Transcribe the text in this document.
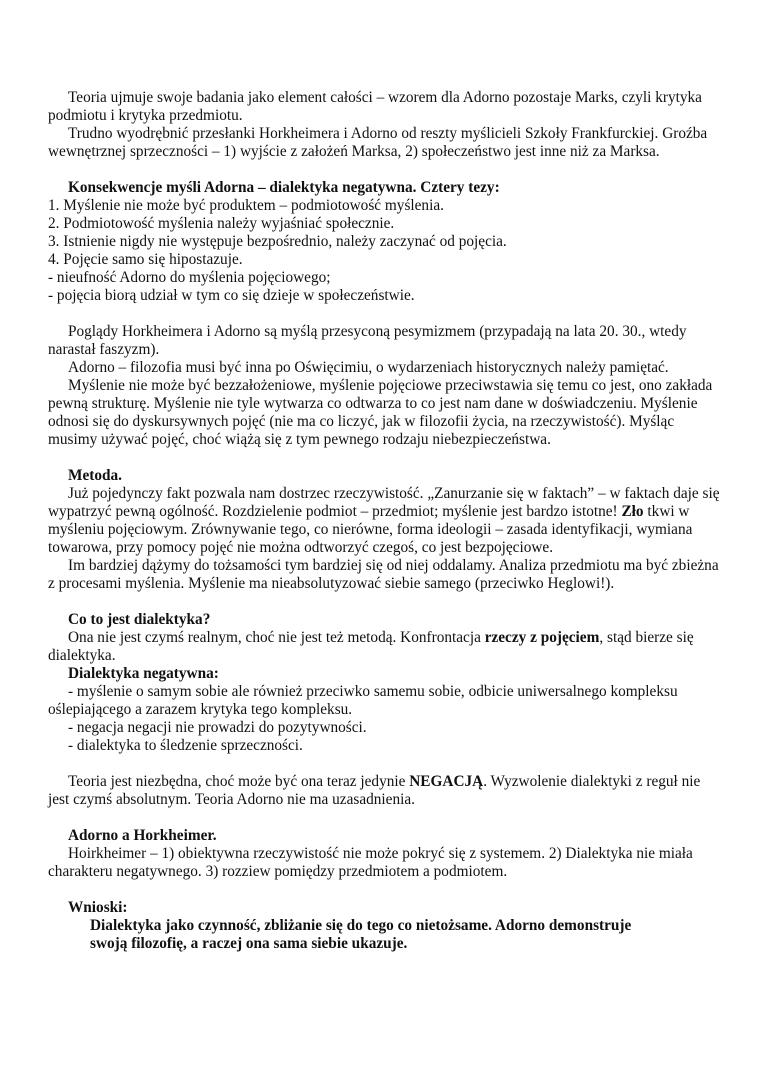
Teoria ujmuje swoje badania jako element całości – wzorem dla Adorno pozostaje Marks, czyli krytyka podmiotu i krytyka przedmiotu.

Trudno wyodrębnić przesłanki Horkheimera i Adorno od reszty myślicieli Szkoły Frankfurckiej. Groźba wewnętrznej sprzeczności – 1) wyjście z założeń Marksa, 2) społeczeństwo jest inne niż za Marksa.

Konsekwencje myśli Adorna – dialektyka negatywna. Cztery tezy:

1. Myślenie nie może być produktem – podmiotowość myślenia.

2. Podmiotowość myślenia należy wyjaśniać społecznie.

3. Istnienie nigdy nie występuje bezpośrednio, należy zaczynać od pojęcia.

4. Pojęcie samo się hipostazuje.

- nieufność Adorno do myślenia pojęciowego;

- pojęcia biorą udział w tym co się dzieje w społeczeństwie.

Poglądy Horkheimera i Adorno są myślą przesyconą pesymizmem (przypadają na lata 20. 30., wtedy narastał faszyzm).

Adorno – filozofia musi być inna po Oświęcimiu, o wydarzeniach historycznych należy pamiętać.

Myślenie nie może być bezzałożeniowe, myślenie pojęciowe przeciwstawia się temu co jest, ono zakłada pewną strukturę. Myślenie nie tyle wytwarza co odtwarza to co jest nam dane w doświadczeniu. Myślenie odnosi się do dyskursywnych pojęć (nie ma co liczyć, jak w filozofii życia, na rzeczywistość). Myśląc musimy używać pojęć, choć wiążą się z tym pewnego rodzaju niebezpieczeństwa.

Metoda.

Już pojedynczy fakt pozwala nam dostrzec rzeczywistość. „Zanurzanie się w faktach” – w faktach daje się wypatrzyć pewną ogólność. Rozdzielenie podmiot – przedmiot; myślenie jest bardzo istotne! Zło tkwi w myśleniu pojęciowym. Zrównywanie tego, co nierówne, forma ideologii – zasada identyfikacji, wymiana towarowa, przy pomocy pojęć nie można odtworzyć czegoś, co jest bezpojęciowe.

Im bardziej dążymy do tożsamości tym bardziej się od niej oddalamy. Analiza przedmiotu ma być zbieżna z procesami myślenia. Myślenie ma nieabsolutyzować siebie samego (przeciwko Heglowi!).

Co to jest dialektyka?

Ona nie jest czymś realnym, choć nie jest też metodą. Konfrontacja rzeczy z pojęciem, stąd bierze się dialektyka.

Dialektyka negatywna:

- myślenie o samym sobie ale również przeciwko samemu sobie, odbicie uniwersalnego kompleksu oślepiającego a zarazem krytyka tego kompleksu.

- negacja negacji nie prowadzi do pozytywności.

- dialektyka to śledzenie sprzeczności.

Teoria jest niezbędna, choć może być ona teraz jedynie NEGACJĄ. Wyzwolenie dialektyki z reguł nie jest czymś absolutnym. Teoria Adorno nie ma uzasadnienia.

Adorno a Horkheimer.

Hoirkheimer – 1) obiektywna rzeczywistość nie może pokryć się z systemem. 2) Dialektyka nie miała charakteru negatywnego. 3) rozziew pomiędzy przedmiotem a podmiotem.

Wnioski:

Dialektyka jako czynność, zbliżanie się do tego co nietożsame. Adorno demonstruje swoją filozofię, a raczej ona sama siebie ukazuje.
